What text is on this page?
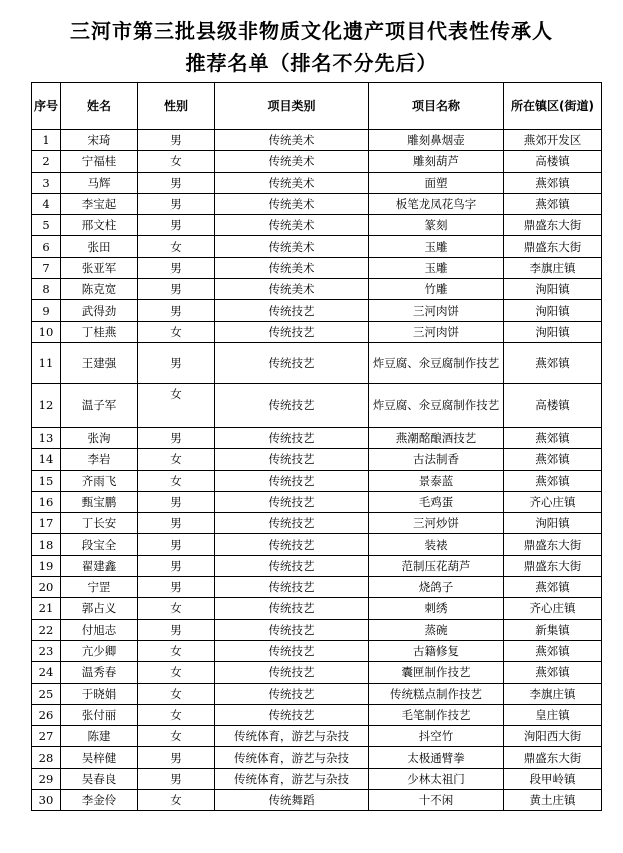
三河市第三批县级非物质文化遗产项目代表性传承人
推荐名单（排名不分先后）
序号	姓名	性别	项目类别	项目名称	所在镇区(街道)
1	宋琦	男	传统美术	雕刻鼻烟壶	燕郊开发区
2	宁福桂	女	传统美术	雕刻葫芦	高楼镇
3	马辉	男	传统美术	面塑	燕郊镇
4	李宝起	男	传统美术	板笔龙凤花鸟字	燕郊镇
5	邢文柱	男	传统美术	篆刻	鼎盛东大街
6	张田	女	传统美术	玉雕	鼎盛东大街
7	张亚军	男	传统美术	玉雕	李旗庄镇
8	陈克宽	男	传统美术	竹雕	洵阳镇
9	武得劲	男	传统技艺	三河肉饼	洵阳镇
10	丁桂燕	女	传统技艺	三河肉饼	洵阳镇
11	王建强	男	传统技艺	炸豆腐、氽豆腐制作技艺	燕郊镇
12	温子军	女	传统技艺	炸豆腐、氽豆腐制作技艺	高楼镇
13	张洵	男	传统技艺	燕潮酩酿酒技艺	燕郊镇
14	李岩	女	传统技艺	古法制香	燕郊镇
15	齐雨飞	女	传统技艺	景泰蓝	燕郊镇
16	甄宝鹏	男	传统技艺	毛鸡蛋	齐心庄镇
17	丁长安	男	传统技艺	三河炒饼	洵阳镇
18	段宝全	男	传统技艺	装裱	鼎盛东大街
19	翟建鑫	男	传统技艺	范制压花葫芦	鼎盛东大街
20	宁罡	男	传统技艺	烧鸽子	燕郊镇
21	郭占义	女	传统技艺	刺绣	齐心庄镇
22	付旭志	男	传统技艺	蒸碗	新集镇
23	亢少卿	女	传统技艺	古籍修复	燕郊镇
24	温秀春	女	传统技艺	囊匣制作技艺	燕郊镇
25	于晓娟	女	传统技艺	传统糕点制作技艺	李旗庄镇
26	张付丽	女	传统技艺	毛笔制作技艺	皇庄镇
27	陈建	女	传统体育，游艺与杂技	抖空竹	洵阳西大街
28	吴梓健	男	传统体育，游艺与杂技	太极通臂拳	鼎盛东大街
29	吴春良	男	传统体育，游艺与杂技	少林太祖门	段甲岭镇
30	李金伶	女	传统舞蹈	十不闲	黄土庄镇
